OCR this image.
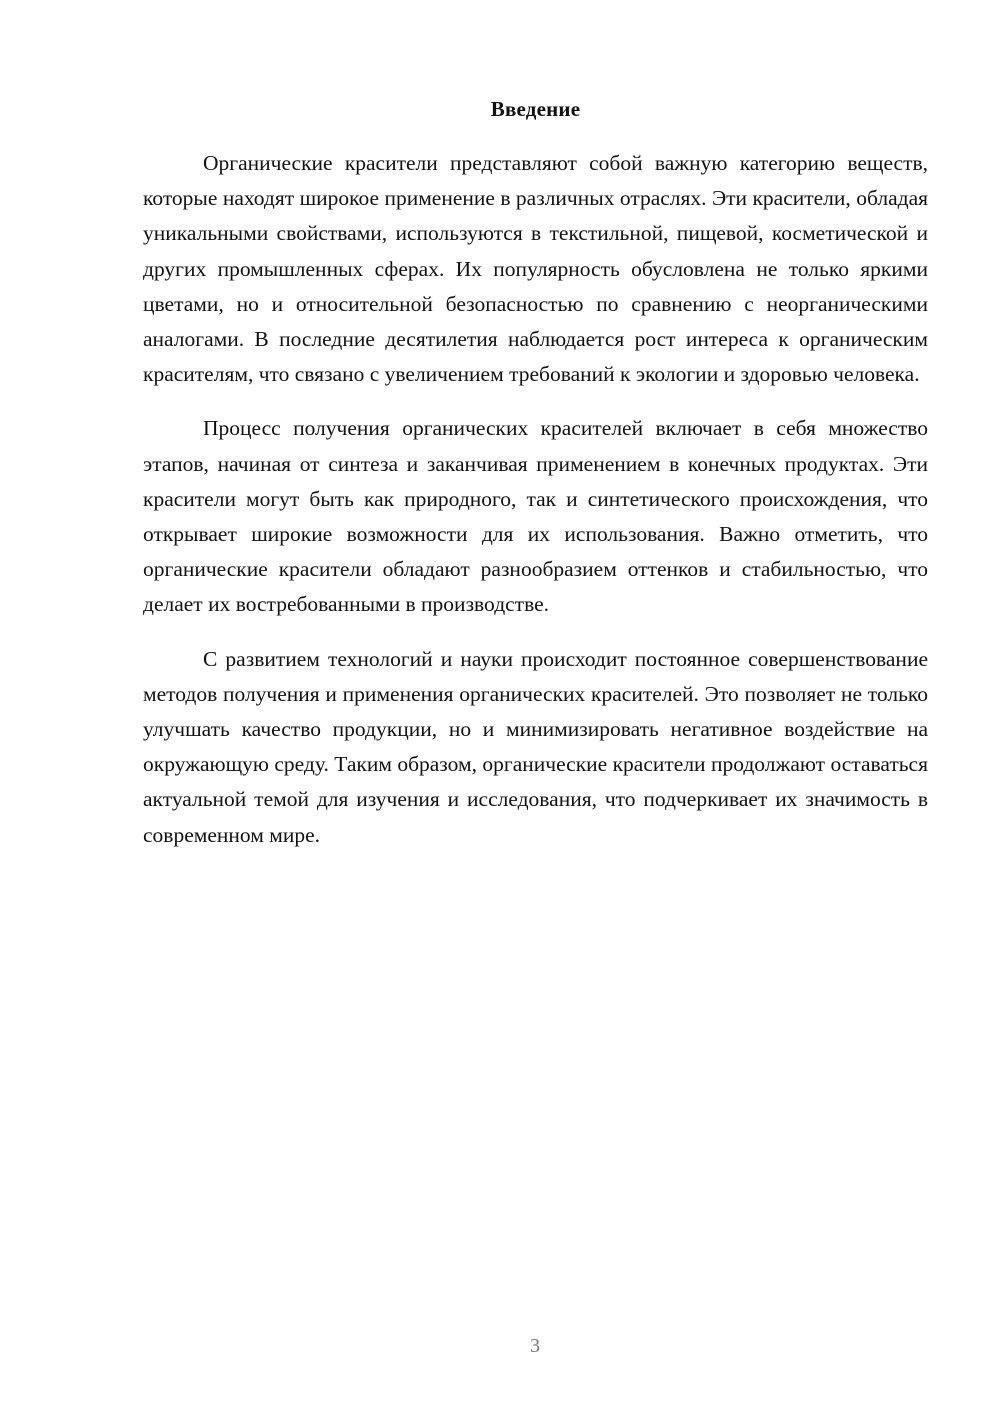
Введение

Органические красители представляют собой важную категорию веществ, которые находят широкое применение в различных отраслях. Эти красители, обладая уникальными свойствами, используются в текстильной, пищевой, косметической и других промышленных сферах. Их популярность обусловлена не только яркими цветами, но и относительной безопасностью по сравнению с неорганическими аналогами. В последние десятилетия наблюдается рост интереса к органическим красителям, что связано с увеличением требований к экологии и здоровью человека.

Процесс получения органических красителей включает в себя множество этапов, начиная от синтеза и заканчивая применением в конечных продуктах. Эти красители могут быть как природного, так и синтетического происхождения, что открывает широкие возможности для их использования. Важно отметить, что органические красители обладают разнообразием оттенков и стабильностью, что делает их востребованными в производстве.

С развитием технологий и науки происходит постоянное совершенствование методов получения и применения органических красителей. Это позволяет не только улучшать качество продукции, но и минимизировать негативное воздействие на окружающую среду. Таким образом, органические красители продолжают оставаться актуальной темой для изучения и исследования, что подчеркивает их значимость в современном мире.

3
